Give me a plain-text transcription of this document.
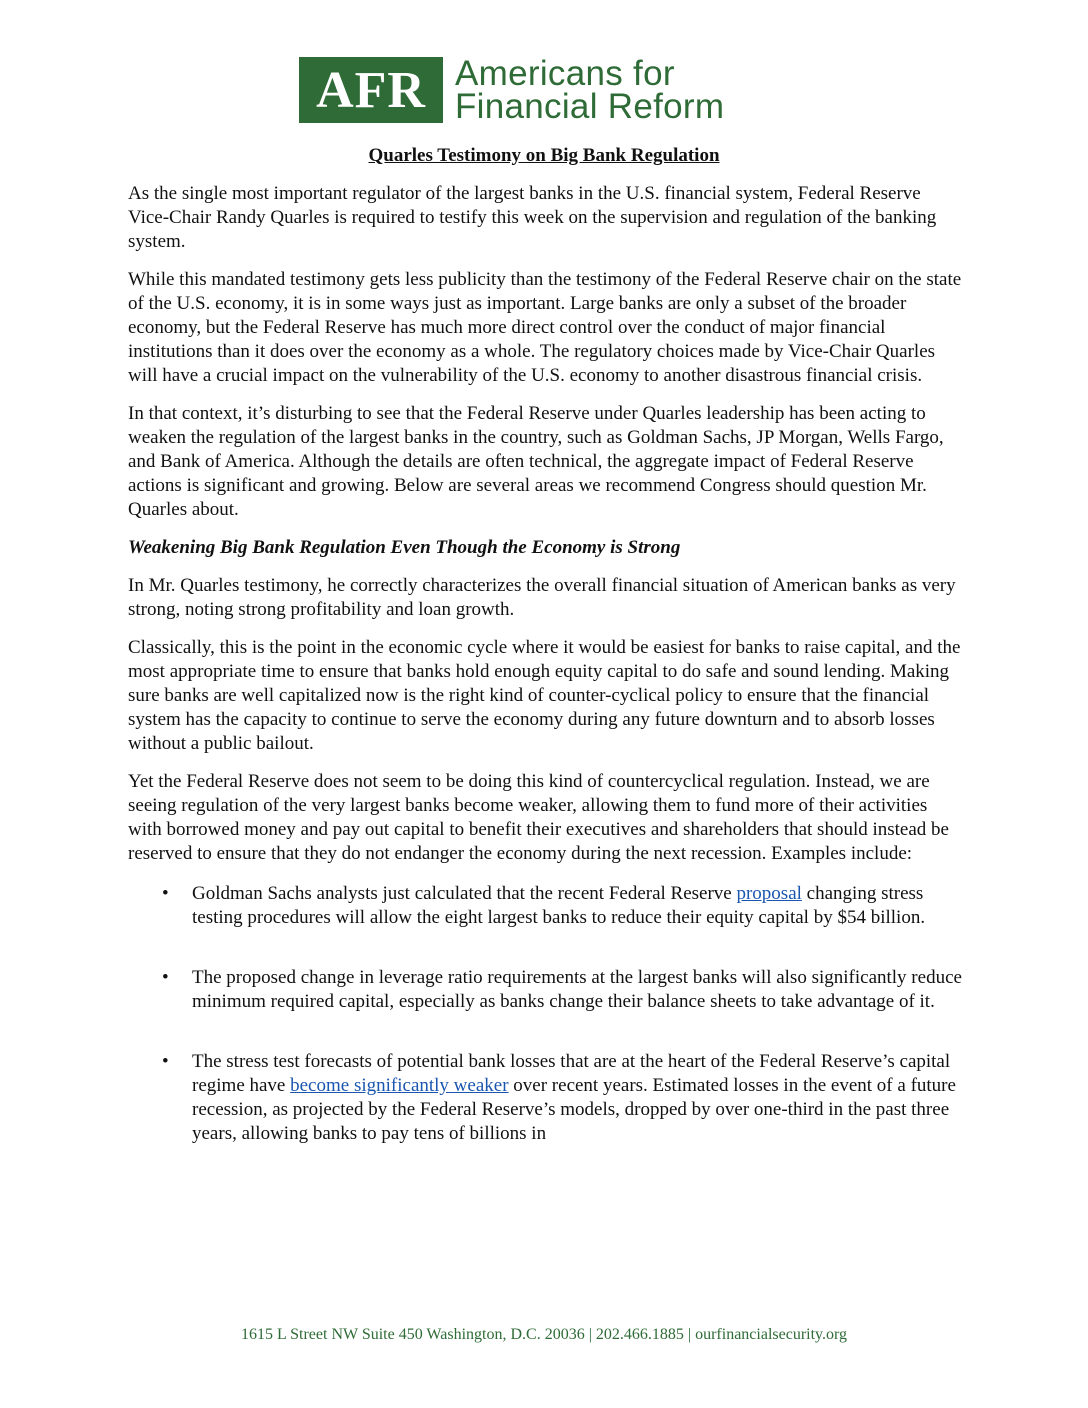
AFR Americans for
Financial Reform
Quarles Testimony on Big Bank Regulation

As the single most important regulator of the largest banks in the U.S. financial system, Federal Reserve Vice-Chair Randy Quarles is required to testify this week on the supervision and regulation of the banking system.

While this mandated testimony gets less publicity than the testimony of the Federal Reserve chair on the state of the U.S. economy, it is in some ways just as important. Large banks are only a subset of the broader economy, but the Federal Reserve has much more direct control over the conduct of major financial institutions than it does over the economy as a whole. The regulatory choices made by Vice-Chair Quarles will have a crucial impact on the vulnerability of the U.S. economy to another disastrous financial crisis.

In that context, it’s disturbing to see that the Federal Reserve under Quarles leadership has been acting to weaken the regulation of the largest banks in the country, such as Goldman Sachs, JP Morgan, Wells Fargo, and Bank of America. Although the details are often technical, the aggregate impact of Federal Reserve actions is significant and growing. Below are several areas we recommend Congress should question Mr. Quarles about.

Weakening Big Bank Regulation Even Though the Economy is Strong

In Mr. Quarles testimony, he correctly characterizes the overall financial situation of American banks as very strong, noting strong profitability and loan growth.

Classically, this is the point in the economic cycle where it would be easiest for banks to raise capital, and the most appropriate time to ensure that banks hold enough equity capital to do safe and sound lending. Making sure banks are well capitalized now is the right kind of counter-cyclical policy to ensure that the financial system has the capacity to continue to serve the economy during any future downturn and to absorb losses without a public bailout.

Yet the Federal Reserve does not seem to be doing this kind of countercyclical regulation. Instead, we are seeing regulation of the very largest banks become weaker, allowing them to fund more of their activities with borrowed money and pay out capital to benefit their executives and shareholders that should instead be reserved to ensure that they do not endanger the economy during the next recession. Examples include:

• Goldman Sachs analysts just calculated that the recent Federal Reserve proposal changing stress testing procedures will allow the eight largest banks to reduce their equity capital by $54 billion.
• The proposed change in leverage ratio requirements at the largest banks will also significantly reduce minimum required capital, especially as banks change their balance sheets to take advantage of it.
• The stress test forecasts of potential bank losses that are at the heart of the Federal Reserve’s capital regime have become significantly weaker over recent years. Estimated losses in the event of a future recession, as projected by the Federal Reserve’s models, dropped by over one-third in the past three years, allowing banks to pay tens of billions in
1615 L Street NW Suite 450 Washington, D.C. 20036 | 202.466.1885 | ourfinancialsecurity.org
